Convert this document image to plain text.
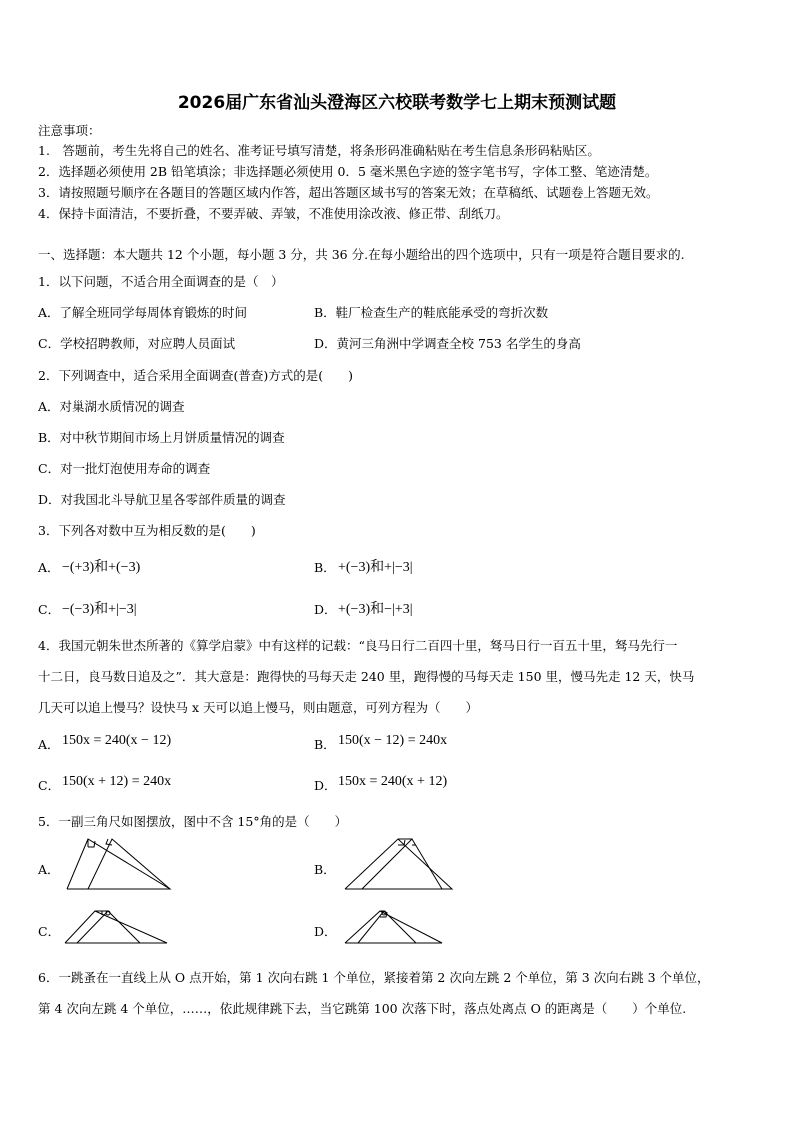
2026届广东省汕头澄海区六校联考数学七上期末预测试题
注意事项：
1.　答题前，考生先将自己的姓名、准考证号填写清楚，将条形码准确粘贴在考生信息条形码粘贴区。
2．选择题必须使用 2B 铅笔填涂；非选择题必须使用 0．5 毫米黑色字迹的签字笔书写，字体工整、笔迹清楚。
3．请按照题号顺序在各题目的答题区域内作答，超出答题区域书写的答案无效；在草稿纸、试题卷上答题无效。
4．保持卡面清洁，不要折叠，不要弄破、弄皱，不准使用涂改液、修正带、刮纸刀。
一、选择题：本大题共 12 个小题，每小题 3 分，共 36 分.在每小题给出的四个选项中，只有一项是符合题目要求的.
1．以下问题，不适合用全面调查的是（　）
A．了解全班同学每周体育锻炼的时间	B．鞋厂检查生产的鞋底能承受的弯折次数
C．学校招聘教师，对应聘人员面试	D．黄河三角洲中学调查全校 753 名学生的身高
2．下列调查中，适合采用全面调查(普查)方式的是(　　)
A．对巢湖水质情况的调查
B．对中秋节期间市场上月饼质量情况的调查
C．对一批灯泡使用寿命的调查
D．对我国北斗导航卫星各零部件质量的调查
3．下列各对数中互为相反数的是(　　)
A． −(+3)和+(−3)	B． +(−3)和+|−3|
C． −(−3)和+|−3|	D． +(−3)和−|+3|
4．我国元朝朱世杰所著的《算学启蒙》中有这样的记载：“良马日行二百四十里，驽马日行一百五十里，驽马先行一
十二日，良马数日追及之”．其大意是：跑得快的马每天走 240 里，跑得慢的马每天走 150 里，慢马先走 12 天，快马
几天可以追上慢马？设快马 x 天可以追上慢马，则由题意，可列方程为（　　）
A． 150x = 240(x − 12)	B． 150(x − 12) = 240x
C． 150(x + 12) = 240x	D． 150x = 240(x + 12)
5．一副三角尺如图摆放，图中不含 15°角的是（　　）
A．	B．
C．	D．
6．一跳蚤在一直线上从 O 点开始，第 1 次向右跳 1 个单位，紧接着第 2 次向左跳 2 个单位，第 3 次向右跳 3 个单位，
第 4 次向左跳 4 个单位，……，依此规律跳下去，当它跳第 100 次落下时，落点处离点 O 的距离是（　　）个单位.
